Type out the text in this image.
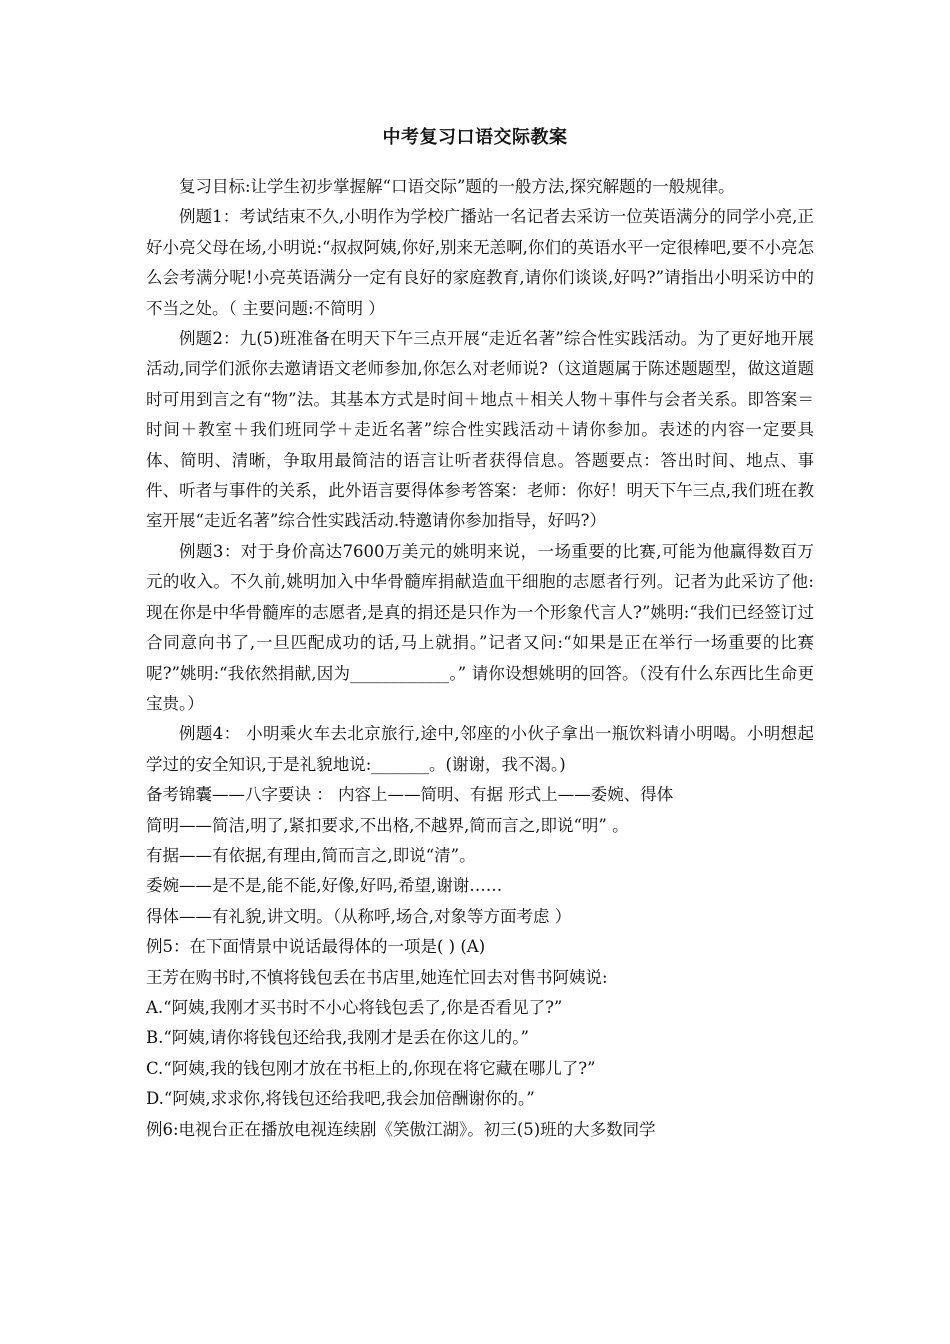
中考复习口语交际教案

复习目标:让学生初步掌握解“口语交际”题的一般方法,探究解题的一般规律。

例题1：考试结束不久,小明作为学校广播站一名记者去采访一位英语满分的同学小亮,正好小亮父母在场,小明说:“叔叔阿姨,你好,别来无恙啊,你们的英语水平一定很棒吧,要不小亮怎么会考满分呢!小亮英语满分一定有良好的家庭教育,请你们谈谈,好吗?”请指出小明采访中的不当之处。（ 主要问题:不简明 ）

例题2：九(5)班准备在明天下午三点开展“走近名著”综合性实践活动。为了更好地开展活动,同学们派你去邀请语文老师参加,你怎么对老师说?（这道题属于陈述题题型，做这道题时可用到言之有“物”法。其基本方式是时间＋地点＋相关人物＋事件与会者关系。即答案＝时间＋教室＋我们班同学＋走近名著”综合性实践活动＋请你参加。表述的内容一定要具体、简明、清晰，争取用最简洁的语言让听者获得信息。答题要点：答出时间、地点、事件、听者与事件的关系，此外语言要得体参考答案：老师：你好！明天下午三点,我们班在教室开展“走近名著”综合性实践活动.特邀请你参加指导，好吗?）

例题3：对于身价高达7600万美元的姚明来说，一场重要的比赛,可能为他赢得数百万元的收入。不久前,姚明加入中华骨髓库捐献造血干细胞的志愿者行列。记者为此采访了他:现在你是中华骨髓库的志愿者,是真的捐还是只作为一个形象代言人?”姚明:“我们已经签订过合同意向书了,一旦匹配成功的话,马上就捐。”记者又问:“如果是正在举行一场重要的比赛呢?”姚明:“我依然捐献,因为____________。” 请你设想姚明的回答。（没有什么东西比生命更宝贵。）

例题4： 小明乘火车去北京旅行,途中,邻座的小伙子拿出一瓶饮料请小明喝。小明想起学过的安全知识,于是礼貌地说:_______。(谢谢，我不渴。)

备考锦囊——八字要诀 ： 内容上——简明、有据 形式上——委婉、得体

简明——简洁,明了,紧扣要求,不出格,不越界,简而言之,即说“明” 。

有据——有依据,有理由,简而言之,即说“清”。

委婉——是不是,能不能,好像,好吗,希望,谢谢……

得体——有礼貌,讲文明。（从称呼,场合,对象等方面考虑 ）

例5：在下面情景中说话最得体的一项是( ) (A)

王芳在购书时,不慎将钱包丢在书店里,她连忙回去对售书阿姨说:

A.“阿姨,我刚才买书时不小心将钱包丢了,你是否看见了?”

B.“阿姨,请你将钱包还给我,我刚才是丢在你这儿的。”

C.“阿姨,我的钱包刚才放在书柜上的,你现在将它藏在哪儿了?”

D.“阿姨,求求你,将钱包还给我吧,我会加倍酬谢你的。”

例6:电视台正在播放电视连续剧《笑傲江湖》。初三(5)班的大多数同学
